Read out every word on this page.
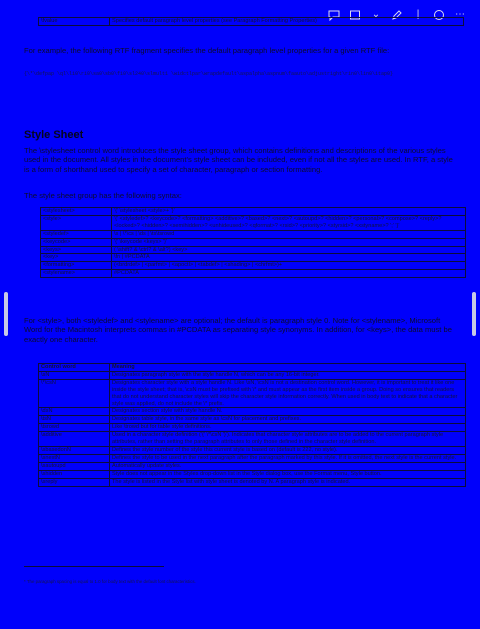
⌄	|	⋯
\fvalue	Specifies default paragraph level properties (see Paragraph Formatting Properties)

For example, the following RTF fragment specifies the default paragraph level properties for a given RTF file:

{\*\defpap \ql\li0\ri0\sa0\sb0\fi0\sl240\slmult1 \widctlpar\wrapdefault\aspalpha\aspnum\faauto\adjustright\rin0\lin0\itap0}
Style Sheet

The \stylesheet control word introduces the style sheet group, which contains definitions and descriptions of the various styles used in the document. All styles in the document's style sheet can be included, even if not all the styles are used. In RTF, a style is a form of shorthand used to specify a set of character, paragraph or section formatting.

The style sheet group has the following syntax:
<stylesheet>	'{' \stylesheet <style>+ '}'
<style>	'{' <styledef>? <keycode>? <formatting> <additive>? <based>? <next>? <autoupd>? <hidden>? <personal>? <compose>? <reply>? <locked>? <hidden>? <semihidden>? <unhideused>? <qformat>? <rsid>? <priority>? <styrsid>? <xstyname>? ';' '}'
<styledef>	\s | \*\cs | \ds | \ts\tsrowd
<keycode>	'{' \keycode <keys> '}'
<keys>	( \shift? & \ctrl? & \alt?) <key>
<key>	\fn | #PCDATA
<formatting>	(<brdrdef> | <parfmt> | <apoctl> | <tabdef> | <shading> | <chrfmt>)+
<stylename>	#PCDATA

For <style>, both <styledef> and <stylename> are optional; the default is paragraph style 0. Note for <stylename>, Microsoft Word for the Macintosh interprets commas in #PCDATA as separating style synonyms. In addition, for <keys>, the data must be exactly one character.

Control word	Meaning
\sN	Designates paragraph style with the style handle N, which can be any 16-bit integer.
\*\csN	Designates character style with a style handle N. Like \sN, \csN is not a destination control word. However, it is important to treat it like one inside the style sheet; that is, \csN must be prefixed with \* and must appear as the first item inside a group. Doing so ensures that readers that do not understand character styles will skip the character style information correctly. When used in body text to indicate that a character style was applied, do not include the \* prefix.
\dsN	Designates section style with style handle N.
\tsN	Designates table style, in the same style as \csN for placement and prefixes.
\tsrowd	Like \trowd but for table style definitions.
\additive	Used in a character style definition ('{' \*\csN '}'). Indicates that character style attributes are to be added to the current paragraph style attributes, rather than setting the paragraph attributes to only those defined in the character style definition.
\sbasedonN	Defines the style number of the style this current style is based on (default is 222, no style).
\snextN	Defines the style to be used in the next paragraph after the paragraph marked by this style. If it is omitted, the next style is the current style.
\sautoupd	Automatically update styles.
\shidden	Style does not appear in the Styles drop-down list in the Style dialog box, use the Format menu, Style button.
\sreply	The style is listed in the Style list with style sheet is denoted by N. A paragraph style is indicated.
* The paragraph spacing is equal to 1.0 for body text with the default font characteristics.
